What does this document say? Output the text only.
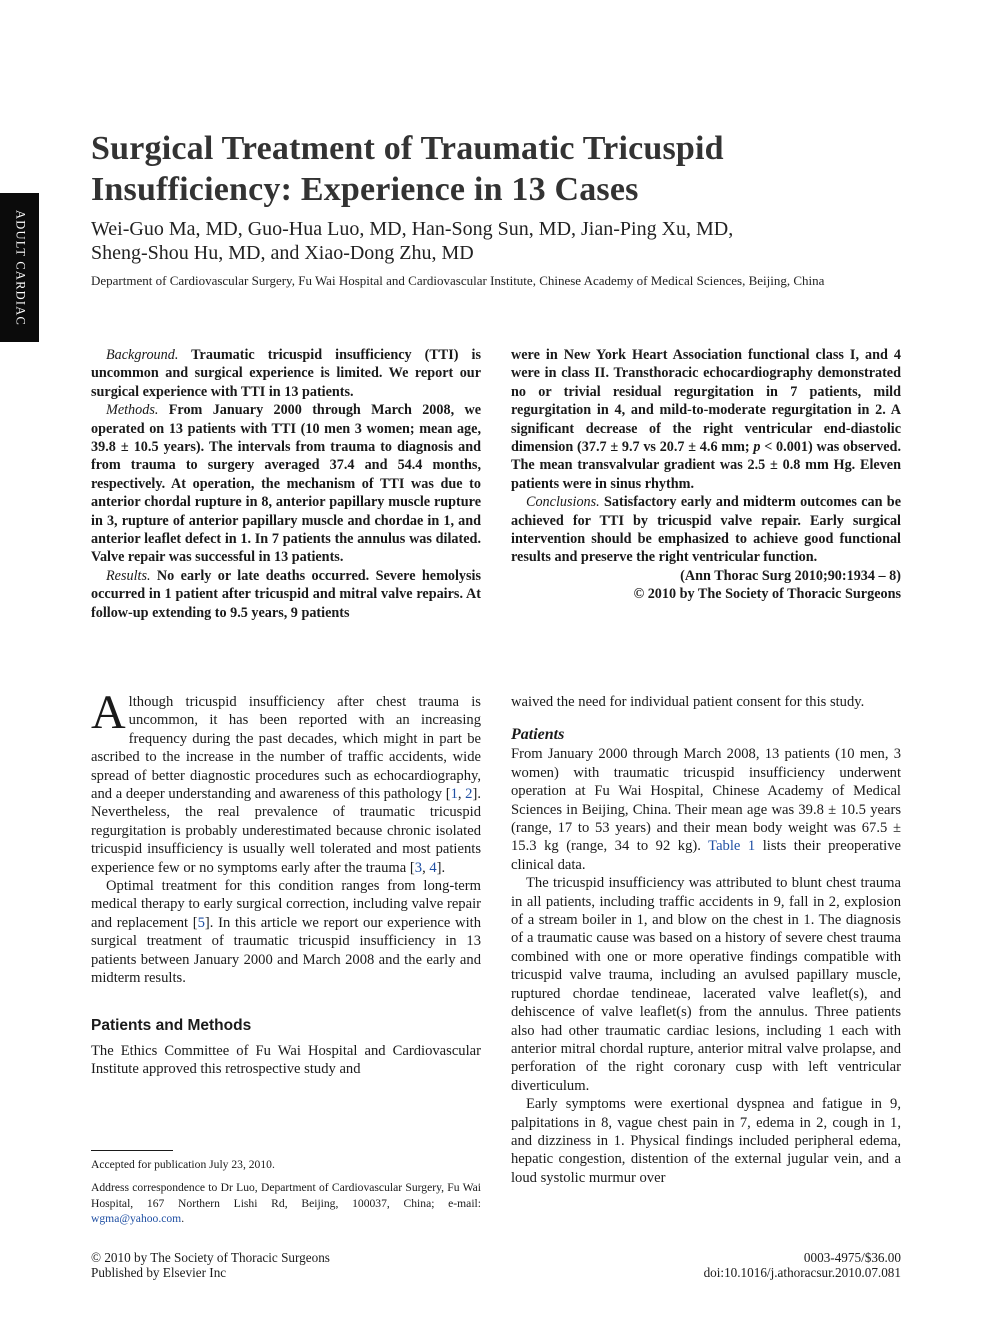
ADULT CARDIAC
Surgical Treatment of Traumatic Tricuspid Insufficiency: Experience in 13 Cases
Wei-Guo Ma, MD, Guo-Hua Luo, MD, Han-Song Sun, MD, Jian-Ping Xu, MD,
Sheng-Shou Hu, MD, and Xiao-Dong Zhu, MD

Department of Cardiovascular Surgery, Fu Wai Hospital and Cardiovascular Institute, Chinese Academy of Medical Sciences, Beijing, China

Background. Traumatic tricuspid insufficiency (TTI) is uncommon and surgical experience is limited. We report our surgical experience with TTI in 13 patients.

Methods. From January 2000 through March 2008, we operated on 13 patients with TTI (10 men 3 women; mean age, 39.8 ± 10.5 years). The intervals from trauma to diagnosis and from trauma to surgery averaged 37.4 and 54.4 months, respectively. At operation, the mechanism of TTI was due to anterior chordal rupture in 8, anterior papillary muscle rupture in 3, rupture of anterior papillary muscle and chordae in 1, and anterior leaflet defect in 1. In 7 patients the annulus was dilated. Valve repair was successful in 13 patients.

Results. No early or late deaths occurred. Severe hemolysis occurred in 1 patient after tricuspid and mitral valve repairs. At follow-up extending to 9.5 years, 9 patients

were in New York Heart Association functional class I, and 4 were in class II. Transthoracic echocardiography demonstrated no or trivial residual regurgitation in 7 patients, mild regurgitation in 4, and mild-to-moderate regurgitation in 2. A significant decrease of the right ventricular end-diastolic dimension (37.7 ± 9.7 vs 20.7 ± 4.6 mm; p < 0.001) was observed. The mean transvalvular gradient was 2.5 ± 0.8 mm Hg. Eleven patients were in sinus rhythm.

Conclusions. Satisfactory early and midterm outcomes can be achieved for TTI by tricuspid valve repair. Early surgical intervention should be emphasized to achieve good functional results and preserve the right ventricular function.

(Ann Thorac Surg 2010;90:1934 – 8)

© 2010 by The Society of Thoracic Surgeons

Although tricuspid insufficiency after chest trauma is uncommon, it has been reported with an increasing frequency during the past decades, which might in part be ascribed to the increase in the number of traffic accidents, wide spread of better diagnostic procedures such as echocardiography, and a deeper understanding and awareness of this pathology [1, 2]. Nevertheless, the real prevalence of traumatic tricuspid regurgitation is probably underestimated because chronic isolated tricuspid insufficiency is usually well tolerated and most patients experience few or no symptoms early after the trauma [3, 4].

Optimal treatment for this condition ranges from long-term medical therapy to early surgical correction, including valve repair and replacement [5]. In this article we report our experience with surgical treatment of traumatic tricuspid insufficiency in 13 patients between January 2000 and March 2008 and the early and midterm results.

Patients and Methods

The Ethics Committee of Fu Wai Hospital and Cardiovascular Institute approved this retrospective study and

Accepted for publication July 23, 2010.

Address correspondence to Dr Luo, Department of Cardiovascular Surgery, Fu Wai Hospital, 167 Northern Lishi Rd, Beijing, 100037, China; e-mail: wgma@yahoo.com.

waived the need for individual patient consent for this study.

Patients

From January 2000 through March 2008, 13 patients (10 men, 3 women) with traumatic tricuspid insufficiency underwent operation at Fu Wai Hospital, Chinese Academy of Medical Sciences in Beijing, China. Their mean age was 39.8 ± 10.5 years (range, 17 to 53 years) and their mean body weight was 67.5 ± 15.3 kg (range, 34 to 92 kg). Table 1 lists their preoperative clinical data.

The tricuspid insufficiency was attributed to blunt chest trauma in all patients, including traffic accidents in 9, fall in 2, explosion of a stream boiler in 1, and blow on the chest in 1. The diagnosis of a traumatic cause was based on a history of severe chest trauma combined with one or more operative findings compatible with tricuspid valve trauma, including an avulsed papillary muscle, ruptured chordae tendineae, lacerated valve leaflet(s), and dehiscence of valve leaflet(s) from the annulus. Three patients also had other traumatic cardiac lesions, including 1 each with anterior mitral chordal rupture, anterior mitral valve prolapse, and perforation of the right coronary cusp with left ventricular diverticulum.

Early symptoms were exertional dyspnea and fatigue in 9, palpitations in 8, vague chest pain in 7, edema in 2, cough in 1, and dizziness in 1. Physical findings included peripheral edema, hepatic congestion, distention of the external jugular vein, and a loud systolic murmur over

© 2010 by The Society of Thoracic Surgeons
Published by Elsevier Inc
0003-4975/$36.00
doi:10.1016/j.athoracsur.2010.07.081
